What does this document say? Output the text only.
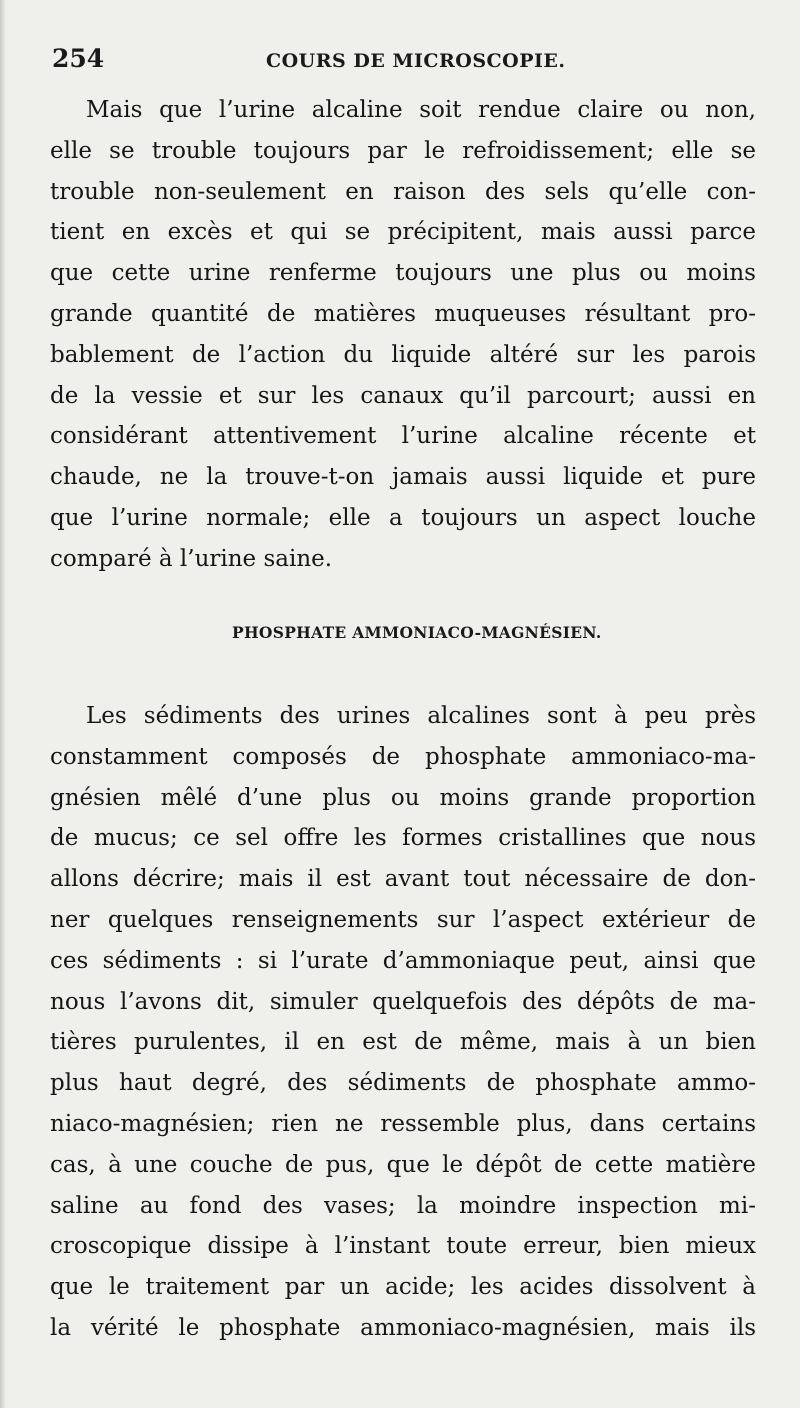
254	COURS DE MICROSCOPIE.
Mais que l’urine alcaline soit rendue claire ou non,
elle se trouble toujours par le refroidissement; elle se
trouble non-seulement en raison des sels qu’elle con-
tient en excès et qui se précipitent, mais aussi parce
que cette urine renferme toujours une plus ou moins
grande quantité de matières muqueuses résultant pro-
bablement de l’action du liquide altéré sur les parois
de la vessie et sur les canaux qu’il parcourt; aussi en
considérant attentivement l’urine alcaline récente et
chaude, ne la trouve-t-on jamais aussi liquide et pure
que l’urine normale; elle a toujours un aspect louche
comparé à l’urine saine.
PHOSPHATE AMMONIACO-MAGNÉSIEN.
Les sédiments des urines alcalines sont à peu près
constamment composés de phosphate ammoniaco-ma-
gnésien mêlé d’une plus ou moins grande proportion
de mucus; ce sel offre les formes cristallines que nous
allons décrire; mais il est avant tout nécessaire de don-
ner quelques renseignements sur l’aspect extérieur de
ces sédiments : si l’urate d’ammoniaque peut, ainsi que
nous l’avons dit, simuler quelquefois des dépôts de ma-
tières purulentes, il en est de même, mais à un bien
plus haut degré, des sédiments de phosphate ammo-
niaco-magnésien; rien ne ressemble plus, dans certains
cas, à une couche de pus, que le dépôt de cette matière
saline au fond des vases; la moindre inspection mi-
croscopique dissipe à l’instant toute erreur, bien mieux
que le traitement par un acide; les acides dissolvent à
la vérité le phosphate ammoniaco-magnésien, mais ils
